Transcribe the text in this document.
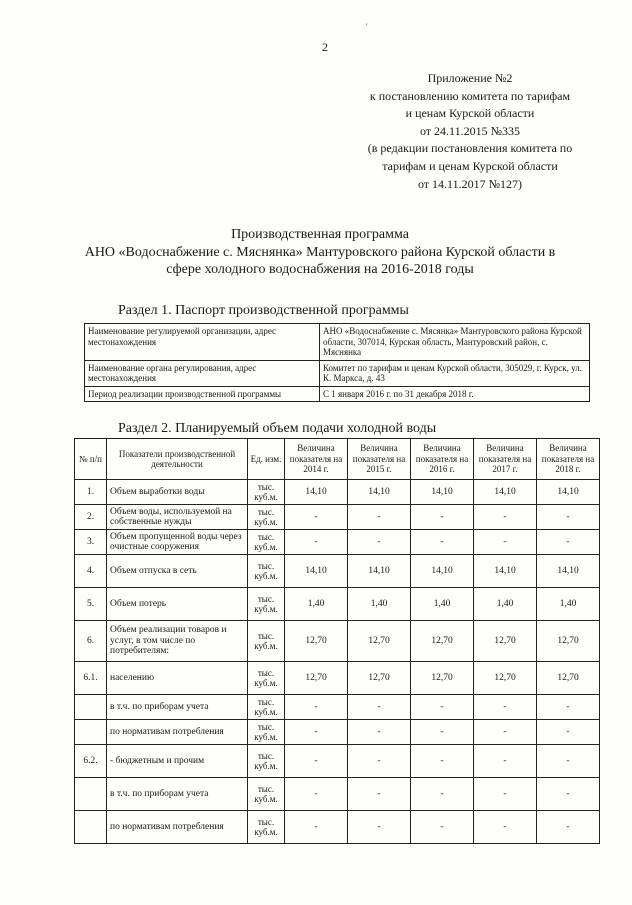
2
Приложение №2
к постановлению комитета по тарифам
и ценам Курской области
от 24.11.2015 №335
(в редакции постановления комитета по
тарифам и ценам Курской области
от 14.11.2017 №127)
Производственная программа
АНО «Водоснабжение с. Мяснянка» Мантуровского района Курской области в
сфере холодного водоснабжения на 2016-2018 годы
Раздел 1. Паспорт производственной программы
Наименование регулируемой организации, адрес местонахождения	АНО «Водоснабжение с. Мясянка» Мантуровского района Курской области, 307014, Курская область, Мантуровский район, с. Мяснянка
Наименование органа регулирования, адрес местонахождения	Комитет по тарифам и ценам Курской области, 305029, г. Курск, ул. К. Маркса, д. 43
Период реализации производственной программы	С 1 января 2016 г. по 31 декабря 2018 г.
Раздел 2. Планируемый объем подачи холодной воды
№ п/п	Показатели производственной деятельности	Ед. изм.	Величина показателя на 2014 г.	Величина показателя на 2015 г.	Величина показателя на 2016 г.	Величина показателя на 2017 г.	Величина показателя на 2018 г.
1.	Объем выработки воды	тыс. куб.м.	14,10	14,10	14,10	14,10	14,10
2.	Объем воды, используемой на собственные нужды	тыс. куб.м.	-	-	-	-	-
3.	Объем пропущенной воды через очистные сооружения	тыс. куб.м.	-	-	-	-	-
4.	Объем отпуска в сеть	тыс. куб.м.	14,10	14,10	14,10	14,10	14,10
5.	Объем потерь	тыс. куб.м.	1,40	1,40	1,40	1,40	1,40
6.	Объем реализации товаров и услуг, в том числе по потребителям:	тыс. куб.м.	12,70	12,70	12,70	12,70	12,70
6.1.	населению	тыс. куб.м.	12,70	12,70	12,70	12,70	12,70
	в т.ч. по приборам учета	тыс. куб.м.	-	-	-	-	-
	по нормативам потребления	тыс. куб.м.	-	-	-	-	-
6.2.	- бюджетным и прочим	тыс. куб.м.	-	-	-	-	-
	в т.ч. по приборам учета	тыс. куб.м.	-	-	-	-	-
	по нормативам потребления	тыс. куб.м.	-	-	-	-	-
'
